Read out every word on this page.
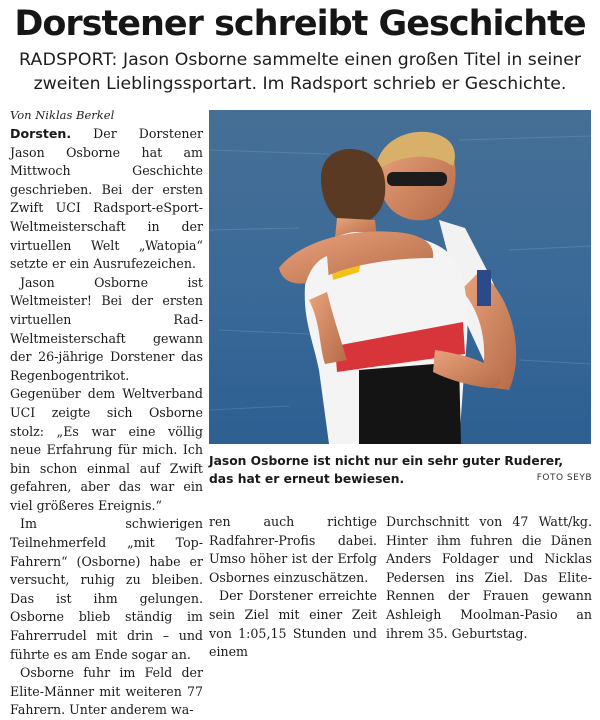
Dorstener schreibt Geschichte
RADSPORT: Jason Osborne sammelte einen großen Titel in seiner zweiten Lieblingssportart. Im Radsport schrieb er Geschichte.
Von Niklas Berkel

Dorsten. Der Dorstener Jason Osborne hat am Mittwoch Geschichte geschrieben. Bei der ersten Zwift UCI Radsport-eSport-Weltmeisterschaft in der virtuellen Welt „Watopia“ setzte er ein Ausrufezeichen.

Jason Osborne ist Weltmeister! Bei der ersten virtuellen Rad-Weltmeisterschaft gewann der 26-jährige Dorstener das Regenbogentrikot. Gegenüber dem Weltverband UCI zeigte sich Osborne stolz: „Es war eine völlig neue Erfahrung für mich. Ich bin schon einmal auf Zwift gefahren, aber das war ein viel größeres Ereignis.“

Im schwierigen Teilnehmerfeld „mit Top-Fahrern“ (Osborne) habe er versucht, ruhig zu bleiben. Das ist ihm gelungen. Osborne blieb ständig im Fahrerrudel mit drin – und führte es am Ende sogar an.

Osborne fuhr im Feld der Elite-Männer mit weiteren 77 Fahrern. Unter anderem wa-

Jason Osborne ist nicht nur ein sehr guter Ruderer, das hat er erneut bewiesen.	FOTO SEYB

ren auch richtige Radfahrer-Profis dabei. Umso höher ist der Erfolg Osbornes einzuschätzen.

Der Dorstener erreichte sein Ziel mit einer Zeit von 1:05,15 Stunden und einem

Durchschnitt von 47 Watt/kg. Hinter ihm fuhren die Dänen Anders Foldager und Nicklas Pedersen ins Ziel. Das Elite-Rennen der Frauen gewann Ashleigh Moolman-Pasio an ihrem 35. Geburtstag.
